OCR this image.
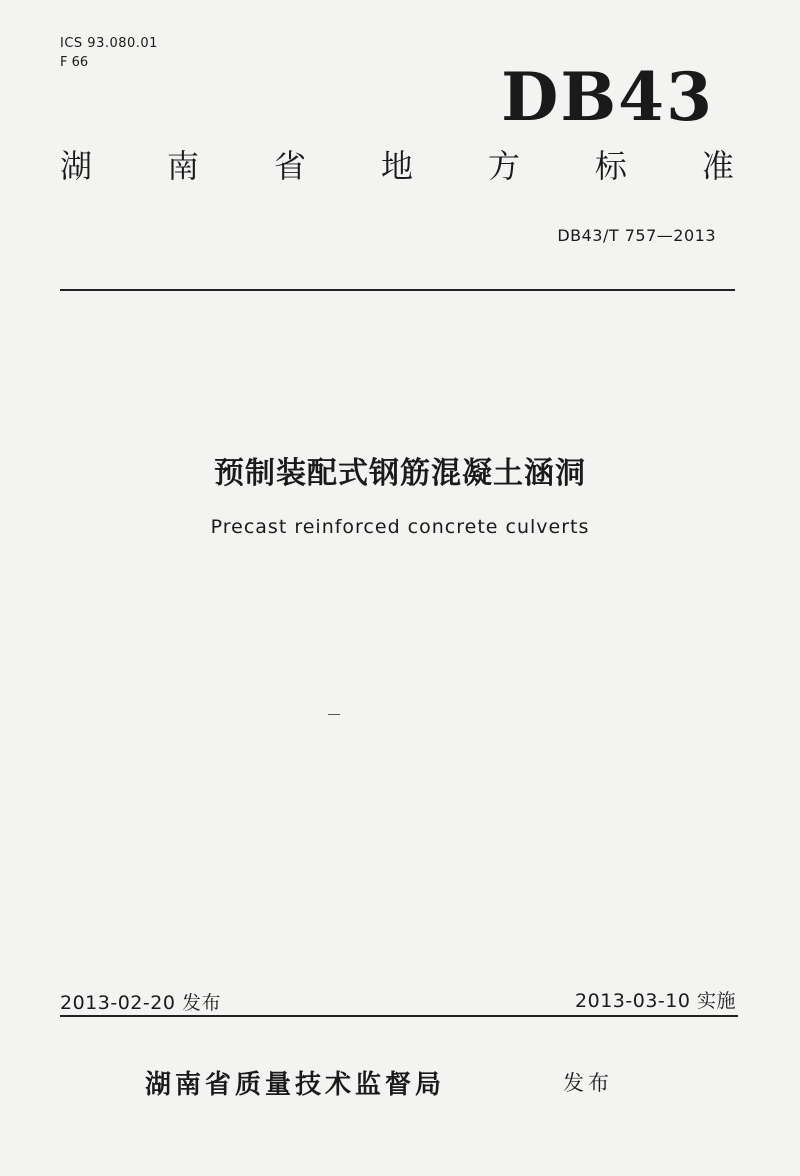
ICS 93.080.01
F 66	DB43
湖 南 省 地 方 标 准
DB43/T 757—2013
预制装配式钢筋混凝土涵洞
Precast reinforced concrete culverts
2013-02-20 发布	2013-03-10 实施
湖南省质量技术监督局	发布
